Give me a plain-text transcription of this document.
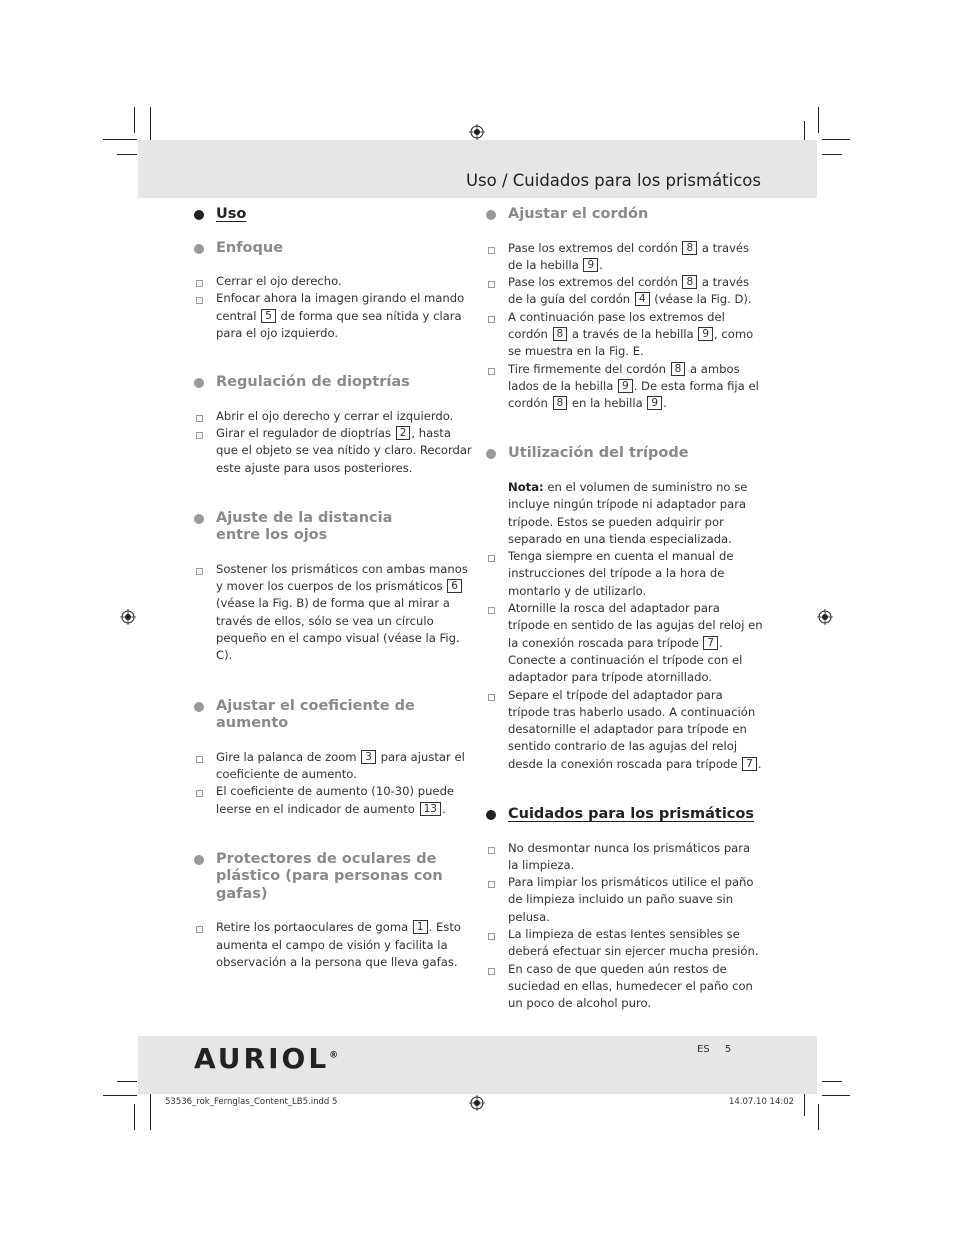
Uso / Cuidados para los prismáticos
Uso
Enfoque
Cerrar el ojo derecho.
Enfocar ahora la imagen girando el mando central 5 de forma que sea nítida y clara para el ojo izquierdo.
Regulación de dioptrías
Abrir el ojo derecho y cerrar el izquierdo.
Girar el regulador de dioptrías 2 , hasta que el objeto se vea nítido y claro. Recordar este ajuste para usos posteriores.
Ajuste de la distancia entre los ojos
Sostener los prismáticos con ambas manos y mover los cuerpos de los prismáticos 6 (véase la Fig. B) de forma que al mirar a través de ellos, sólo se vea un círculo pequeño en el campo visual (véase la Fig. C).
Ajustar el coeficiente de aumento
Gire la palanca de zoom 3 para ajustar el coeficiente de aumento.
El coeficiente de aumento (10-30) puede leerse en el indicador de aumento 13 .
Protectores de oculares de plástico (para personas con gafas)
Retire los portaoculares de goma 1 . Esto aumenta el campo de visión y facilita la observación a la persona que lleva gafas.
Ajustar el cordón
Pase los extremos del cordón 8 a través de la hebilla 9 .
Pase los extremos del cordón 8 a través de la guía del cordón 4 (véase la Fig. D).
A continuación pase los extremos del cordón 8 a través de la hebilla 9 , como se muestra en la Fig. E.
Tire firmemente del cordón 8 a ambos lados de la hebilla 9 . De esta forma fija el cordón 8 en la hebilla 9 .
Utilización del trípode
Nota: en el volumen de suministro no se incluye ningún trípode ni adaptador para trípode. Estos se pueden adquirir por separado en una tienda especializada.
Tenga siempre en cuenta el manual de instrucciones del trípode a la hora de montarlo y de utilizarlo.
Atornille la rosca del adaptador para trípode en sentido de las agujas del reloj en la conexión roscada para trípode 7 . Conecte a continuación el trípode con el adaptador para trípode atornillado.
Separe el trípode del adaptador para trípode tras haberlo usado. A continuación desatornille el adaptador para trípode en sentido contrario de las agujas del reloj desde la conexión roscada para trípode 7 .
Cuidados para los prismáticos
No desmontar nunca los prismáticos para la limpieza.
Para limpiar los prismáticos utilice el paño de limpieza incluido un paño suave sin pelusa.
La limpieza de estas lentes sensibles se deberá efectuar sin ejercer mucha presión.
En caso de que queden aún restos de suciedad en ellas, humedecer el paño con un poco de alcohol puro.
AURIOL®
ES 5
53536_rok_Fernglas_Content_LB5.indd 5	14.07.10 14:02
